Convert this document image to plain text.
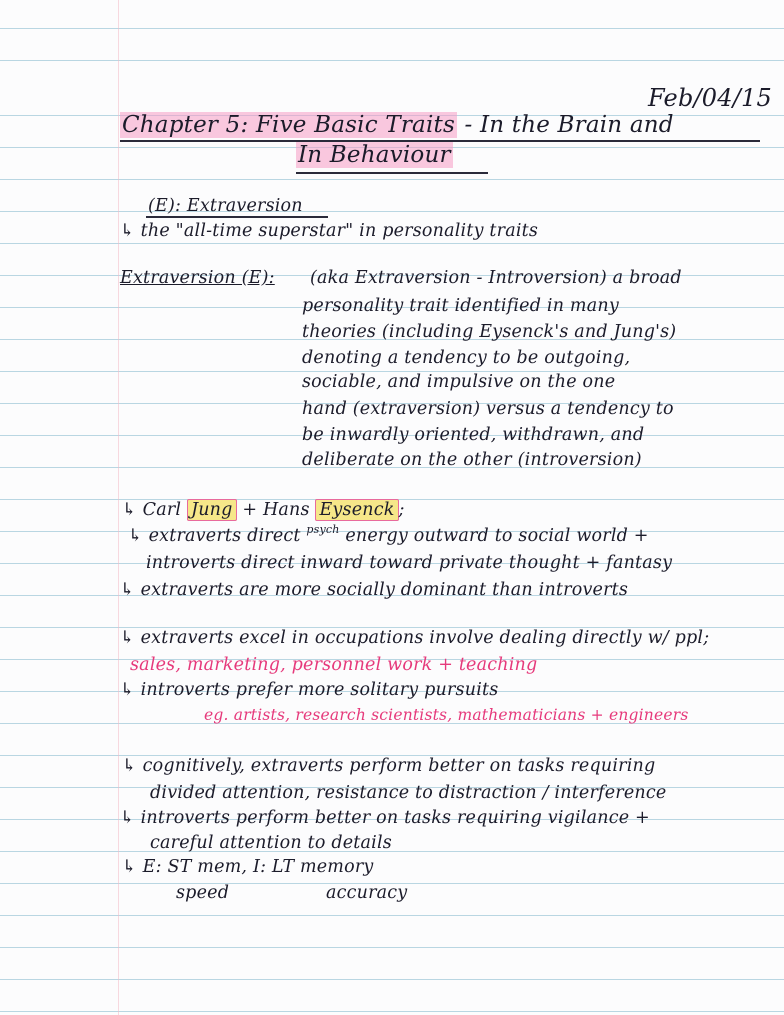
Feb/04/15
Chapter 5: Five Basic Traits - In the Brain and
In Behaviour
(E): Extraversion
↳ the "all-time superstar" in personality traits
Extraversion (E): (aka Extraversion - Introversion) a broad
personality trait identified in many
theories (including Eysenck's and Jung's)
denoting a tendency to be outgoing,
sociable, and impulsive on the one
hand (extraversion) versus a tendency to
be inwardly oriented, withdrawn, and
deliberate on the other (introversion)
↳ Carl Jung + Hans Eysenck ;
↳ extraverts direct $^{psych}$ energy outward to social world +
introverts direct inward toward private thought + fantasy
↳ extraverts are more socially dominant than introverts
↳ extraverts excel in occupations involve dealing directly w/ ppl;
sales, marketing, personnel work + teaching
↳ introverts prefer more solitary pursuits
eg. artists, research scientists, mathematicians + engineers
↳ cognitively, extraverts perform better on tasks requiring
divided attention, resistance to distraction / interference
↳ introverts perform better on tasks requiring vigilance +
careful attention to details
↳ E: ST mem, I: LT memory
speed	accuracy
